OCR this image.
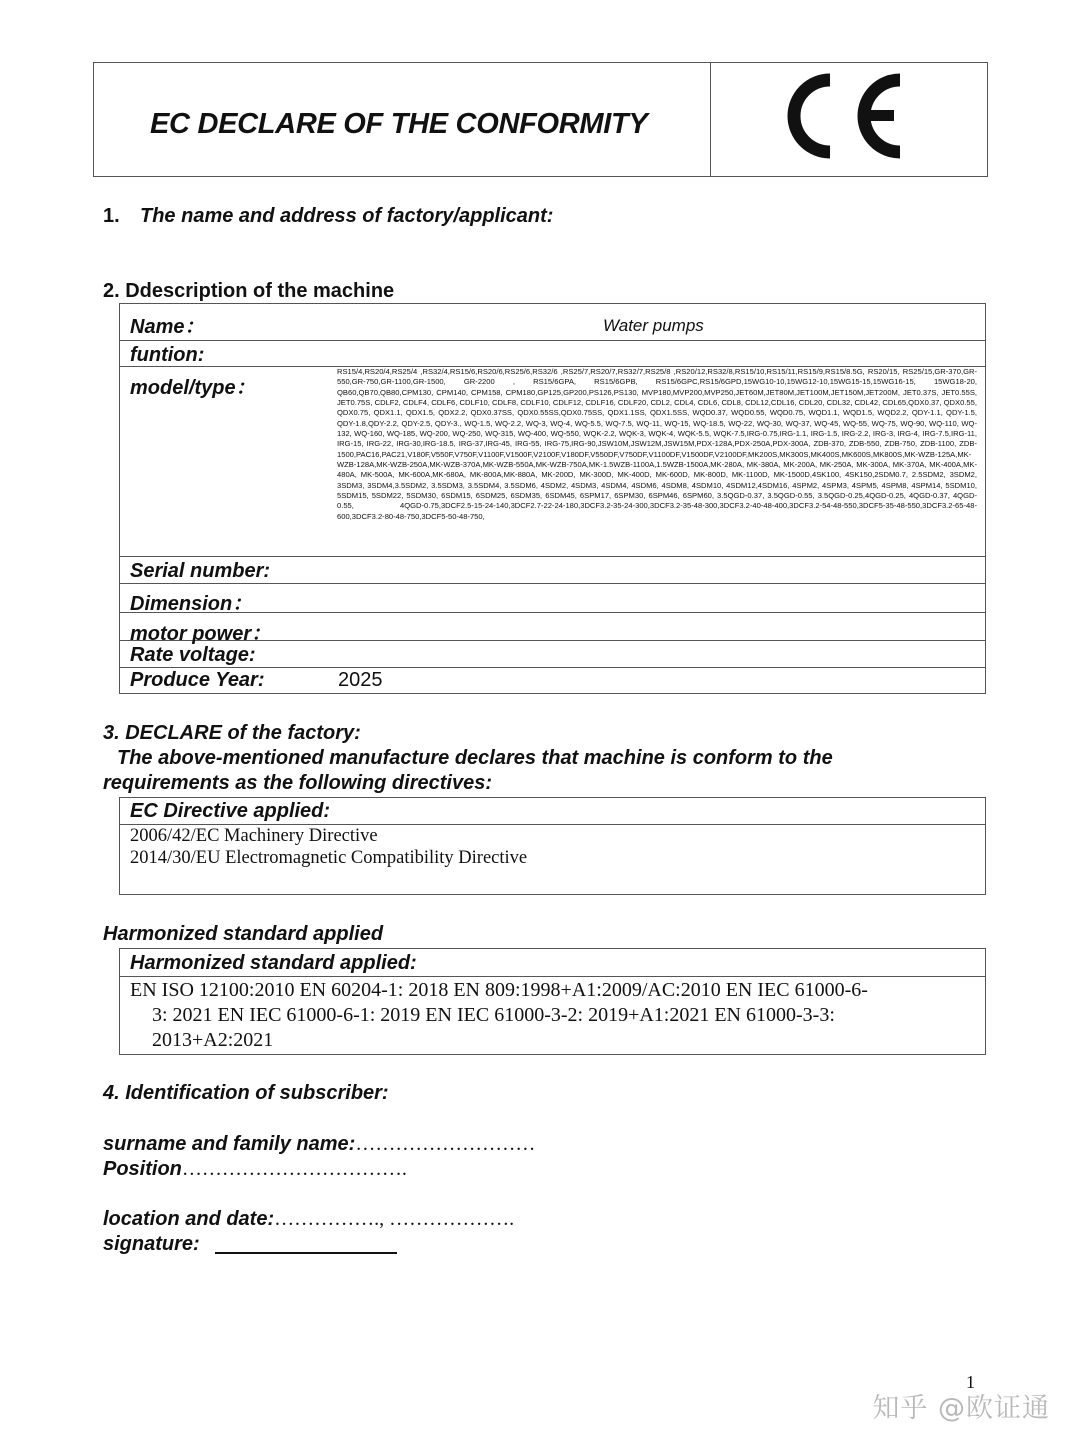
EC DECLARE OF THE CONFORMITY
1. The name and address of factory/applicant:
2. Ddescription of the machine
Name：	Water pumps
funtion:
model/type：
RS15/4,RS20/4,RS25/4 ,RS32/4,RS15/6,RS20/6,RS25/6,RS32/6 ,RS25/7,RS20/7,RS32/7,RS25/8 ,RS20/12,RS32/8,RS15/10,RS15/11,RS15/9,RS15/8.5G, RS20/15, RS25/15,GR-370,GR-550,GR-750,GR-1100,GR-1500, GR-2200 , RS15/6GPA, RS15/6GPB, RS15/6GPC,RS15/6GPD,15WG10-10,15WG12-10,15WG15-15,15WG16-15, 15WG18-20, QB60,QB70,QB80,CPM130, CPM140, CPM158, CPM180,GP125,GP200,PS126,PS130, MVP180,MVP200,MVP250,JET60M,JET80M,JET100M,JET150M,JET200M, JET0.37S, JET0.55S, JET0.75S, CDLF2, CDLF4, CDLF6, CDLF10, CDLF8, CDLF10, CDLF12, CDLF16, CDLF20, CDL2, CDL4, CDL6, CDL8, CDL12,CDL16, CDL20, CDL32, CDL42, CDL65,QDX0.37, QDX0.55, QDX0.75, QDX1.1, QDX1.5, QDX2.2, QDX0.37SS, QDX0.55SS,QDX0.75SS, QDX1.1SS, QDX1.5SS, WQD0.37, WQD0.55, WQD0.75, WQD1.1, WQD1.5, WQD2.2, QDY-1.1, QDY-1.5, QDY-1.8,QDY-2.2, QDY-2.5, QDY-3., WQ-1.5, WQ-2.2, WQ-3, WQ-4, WQ-5.5, WQ-7.5, WQ-11, WQ-15, WQ-18.5, WQ-22, WQ-30, WQ-37, WQ-45, WQ-55, WQ-75, WQ-90, WQ-110, WQ-132, WQ-160, WQ-185, WQ-200, WQ-250, WQ-315, WQ-400, WQ-550, WQK-2.2, WQK-3, WQK-4, WQK-5.5, WQK-7.5,IRG-0.75,IRG-1.1, IRG-1.5, IRG-2.2, IRG-3, IRG-4, IRG-7.5,IRG-11, IRG-15, IRG-22, IRG-30,IRG-18.5, IRG-37,IRG-45, IRG-55, IRG-75,IRG-90,JSW10M,JSW12M,JSW15M,PDX-128A,PDX-250A,PDX-300A, ZDB-370, ZDB-550, ZDB-750, ZDB-1100, ZDB-1500,PAC16,PAC21,V180F,V550F,V750F,V1100F,V1500F,V2100F,V180DF,V550DF,V750DF,V1100DF,V1500DF,V2100DF,MK200S,MK300S,MK400S,MK600S,MK800S,MK-WZB-125A,MK-WZB-128A,MK-WZB-250A,MK-WZB-370A,MK-WZB-550A,MK-WZB-750A,MK-1.5WZB-1100A,1.5WZB-1500A,MK-280A, MK-380A, MK-200A, MK-250A, MK-300A, MK-370A, MK-400A,MK-480A, MK-500A, MK-600A,MK-680A, MK-800A,MK-880A, MK-200D, MK-300D, MK-400D, MK-600D, MK-800D, MK-1100D, MK-1500D,4SK100, 4SK150,2SDM0.7, 2.5SDM2, 3SDM2, 3SDM3, 3SDM4,3.5SDM2, 3.5SDM3, 3.5SDM4, 3.5SDM6, 4SDM2, 4SDM3, 4SDM4, 4SDM6, 4SDM8, 4SDM10, 4SDM12,4SDM16, 4SPM2, 4SPM3, 4SPM5, 4SPM8, 4SPM14, 5SDM10, 5SDM15, 5SDM22, 5SDM30, 6SDM15, 6SDM25, 6SDM35, 6SDM45, 6SPM17, 6SPM30, 6SPM46, 6SPM60, 3.5QGD-0.37, 3.5QGD-0.55, 3.5QGD-0.25,4QGD-0.25, 4QGD-0.37, 4QGD-0.55, 4QGD-0.75,3DCF2.5-15-24-140,3DCF2.7-22-24-180,3DCF3.2-35-24-300,3DCF3.2-35-48-300,3DCF3.2-40-48-400,3DCF3.2-54-48-550,3DCF5-35-48-550,3DCF3.2-65-48-600,3DCF3.2-80-48-750,3DCF5-50-48-750,
Serial number:
Dimension：
motor power：
Rate voltage:
Produce Year:	2025
3. DECLARE of the factory:
The above-mentioned manufacture declares that machine is conform to the
requirements as the following directives:
EC Directive applied:
2006/42/EC Machinery Directive
2014/30/EU Electromagnetic Compatibility Directive
Harmonized standard applied
Harmonized standard applied:
EN ISO 12100:2010 EN 60204-1: 2018 EN 809:1998+A1:2009/AC:2010 EN IEC 61000-6-
3: 2021 EN IEC 61000-6-1: 2019 EN IEC 61000-3-2: 2019+A1:2021 EN 61000-3-3:
2013+A2:2021
4. Identification of subscriber:
surname and family name:………………………
Position…………………………….
location and date:……………., ……………….
signature:
1
知乎 @欧证通
